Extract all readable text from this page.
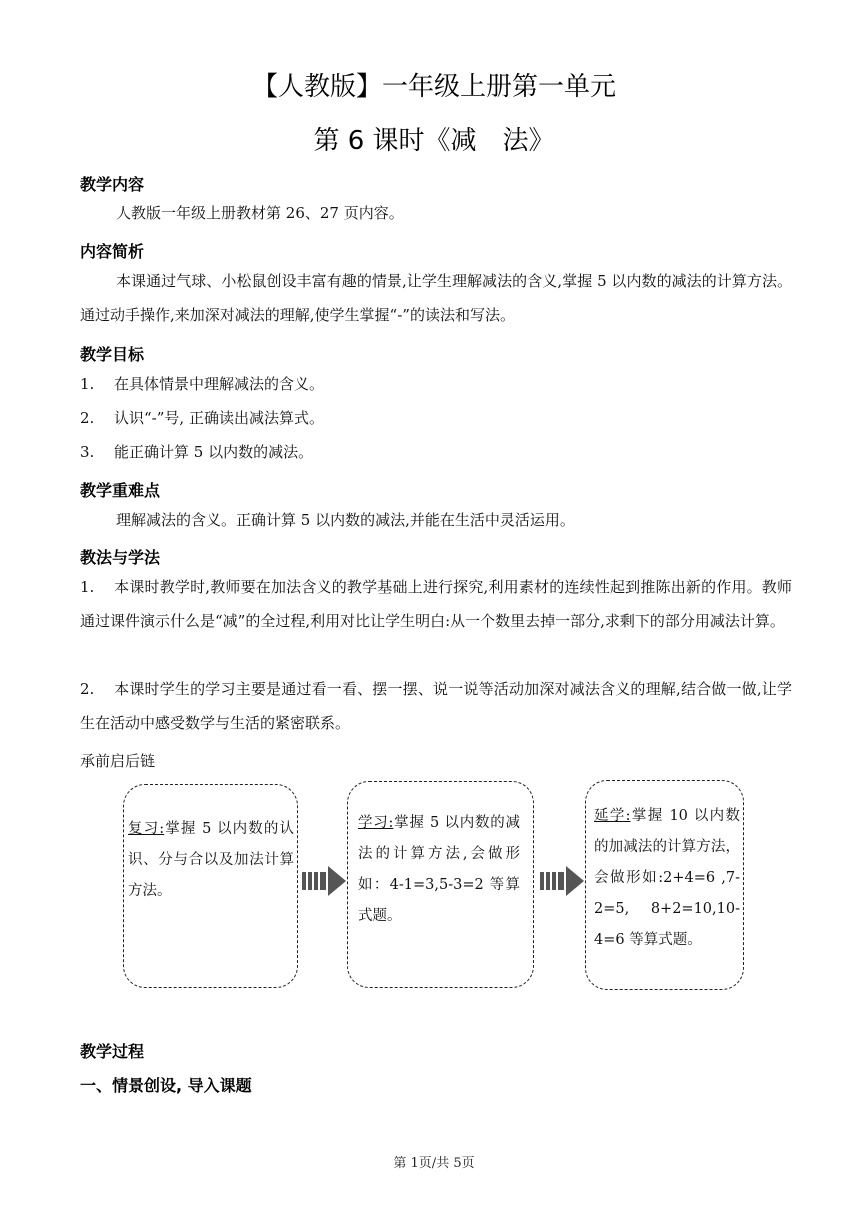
【人教版】一年级上册第一单元
第 6 课时《减　法》
教学内容
人教版一年级上册教材第 26、27 页内容。
内容简析
本课通过气球、小松鼠创设丰富有趣的情景,让学生理解减法的含义,掌握 5 以内数的减法的计算方法。通过动手操作,来加深对减法的理解,使学生掌握“-”的读法和写法。
教学目标
1. 在具体情景中理解减法的含义。
2. 认识“-”号, 正确读出减法算式。
3. 能正确计算 5 以内数的减法。
教学重难点
理解减法的含义。正确计算 5 以内数的减法,并能在生活中灵活运用。
教法与学法
1. 本课时教学时,教师要在加法含义的教学基础上进行探究,利用素材的连续性起到推陈出新的作用。教师通过课件演示什么是“减”的全过程,利用对比让学生明白:从一个数里去掉一部分,求剩下的部分用减法计算。
2. 本课时学生的学习主要是通过看一看、摆一摆、说一说等活动加深对减法含义的理解,结合做一做,让学生在活动中感受数学与生活的紧密联系。
承前启后链
复习:掌握 5 以内数的认识、分与合以及加法计算方法。
学习:掌握 5 以内数的减法的计算方法,会做形如：4-1=3,5-3=2 等算式题。
延学:掌握 10 以内数的加减法的计算方法，会做形如:2+4=6 ,7-2=5, 8+2=10,10-4=6 等算式题。
教学过程
一、情景创设, 导入课题
第 1页/共 5页
